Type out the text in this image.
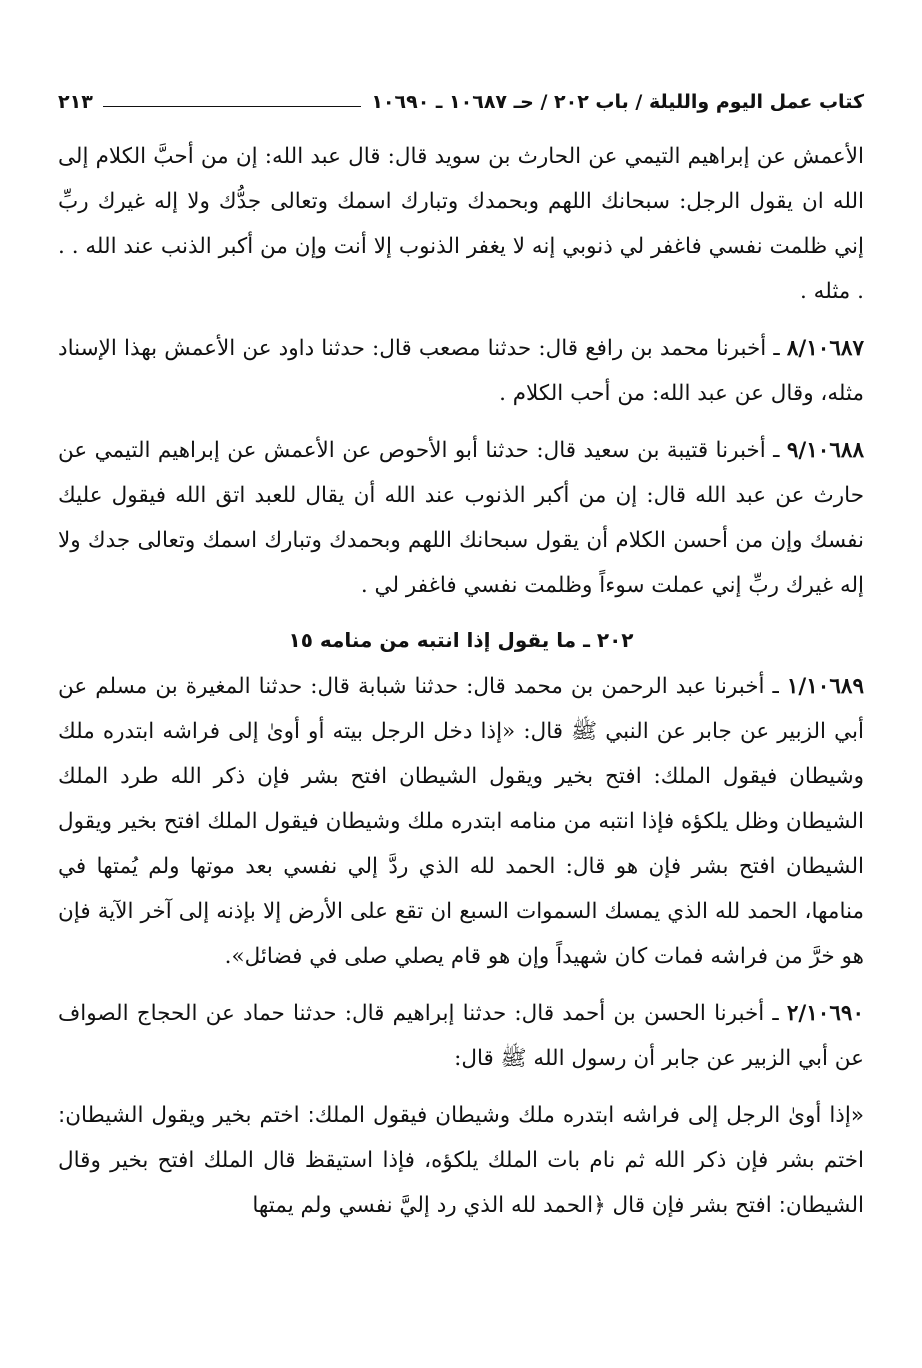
كتاب عمل اليوم والليلة / باب ٢٠٢ / حـ ١٠٦٨٧ ـ ١٠٦٩٠
٢١٣

الأعمش عن إبراهيم التيمي عن الحارث بن سويد قال: قال عبد الله: إن من أحبَّ الكلام إلى الله ان يقول الرجل: سبحانك اللهم وبحمدك وتبارك اسمك وتعالى جدُّك ولا إله غيرك ربِّ إني ظلمت نفسي فاغفر لي ذنوبي إنه لا يغفر الذنوب إلا أنت وإن من أكبر الذنب عند الله . . . مثله .

٨/١٠٦٨٧ ـ أخبرنا محمد بن رافع قال: حدثنا مصعب قال: حدثنا داود عن الأعمش بهذا الإسناد مثله، وقال عن عبد الله: من أحب الكلام .

٩/١٠٦٨٨ ـ أخبرنا قتيبة بن سعيد قال: حدثنا أبو الأحوص عن الأعمش عن إبراهيم التيمي عن حارث عن عبد الله قال: إن من أكبر الذنوب عند الله أن يقال للعبد اتق الله فيقول عليك نفسك وإن من أحسن الكلام أن يقول سبحانك اللهم وبحمدك وتبارك اسمك وتعالى جدك ولا إله غيرك ربِّ إني عملت سوءاً وظلمت نفسي فاغفر لي .

٢٠٢ ـ ما يقول إذا انتبه من منامه ١٥

١/١٠٦٨٩ ـ أخبرنا عبد الرحمن بن محمد قال: حدثنا شبابة قال: حدثنا المغيرة بن مسلم عن أبي الزبير عن جابر عن النبي ﷺ قال: «إذا دخل الرجل بيته أو أوىٰ إلى فراشه ابتدره ملك وشيطان فيقول الملك: افتح بخير ويقول الشيطان افتح بشر فإن ذكر الله طرد الملك الشيطان وظل يلكؤه فإذا انتبه من منامه ابتدره ملك وشيطان فيقول الملك افتح بخير ويقول الشيطان افتح بشر فإن هو قال: الحمد لله الذي ردَّ إلي نفسي بعد موتها ولم يُمتها في منامها، الحمد لله الذي يمسك السموات السبع ان تقع على الأرض إلا بإذنه إلى آخر الآية فإن هو خرَّ من فراشه فمات كان شهيداً وإن هو قام يصلي صلى في فضائل».

٢/١٠٦٩٠ ـ أخبرنا الحسن بن أحمد قال: حدثنا إبراهيم قال: حدثنا حماد عن الحجاج الصواف عن أبي الزبير عن جابر أن رسول الله ﷺ قال:

«إذا أوىٰ الرجل إلى فراشه ابتدره ملك وشيطان فيقول الملك: اختم بخير ويقول الشيطان: اختم بشر فإن ذكر الله ثم نام بات الملك يلكؤه، فإذا استيقظ قال الملك افتح بخير وقال الشيطان: افتح بشر فإن قال ﴿الحمد لله الذي رد إليَّ نفسي ولم يمتها
